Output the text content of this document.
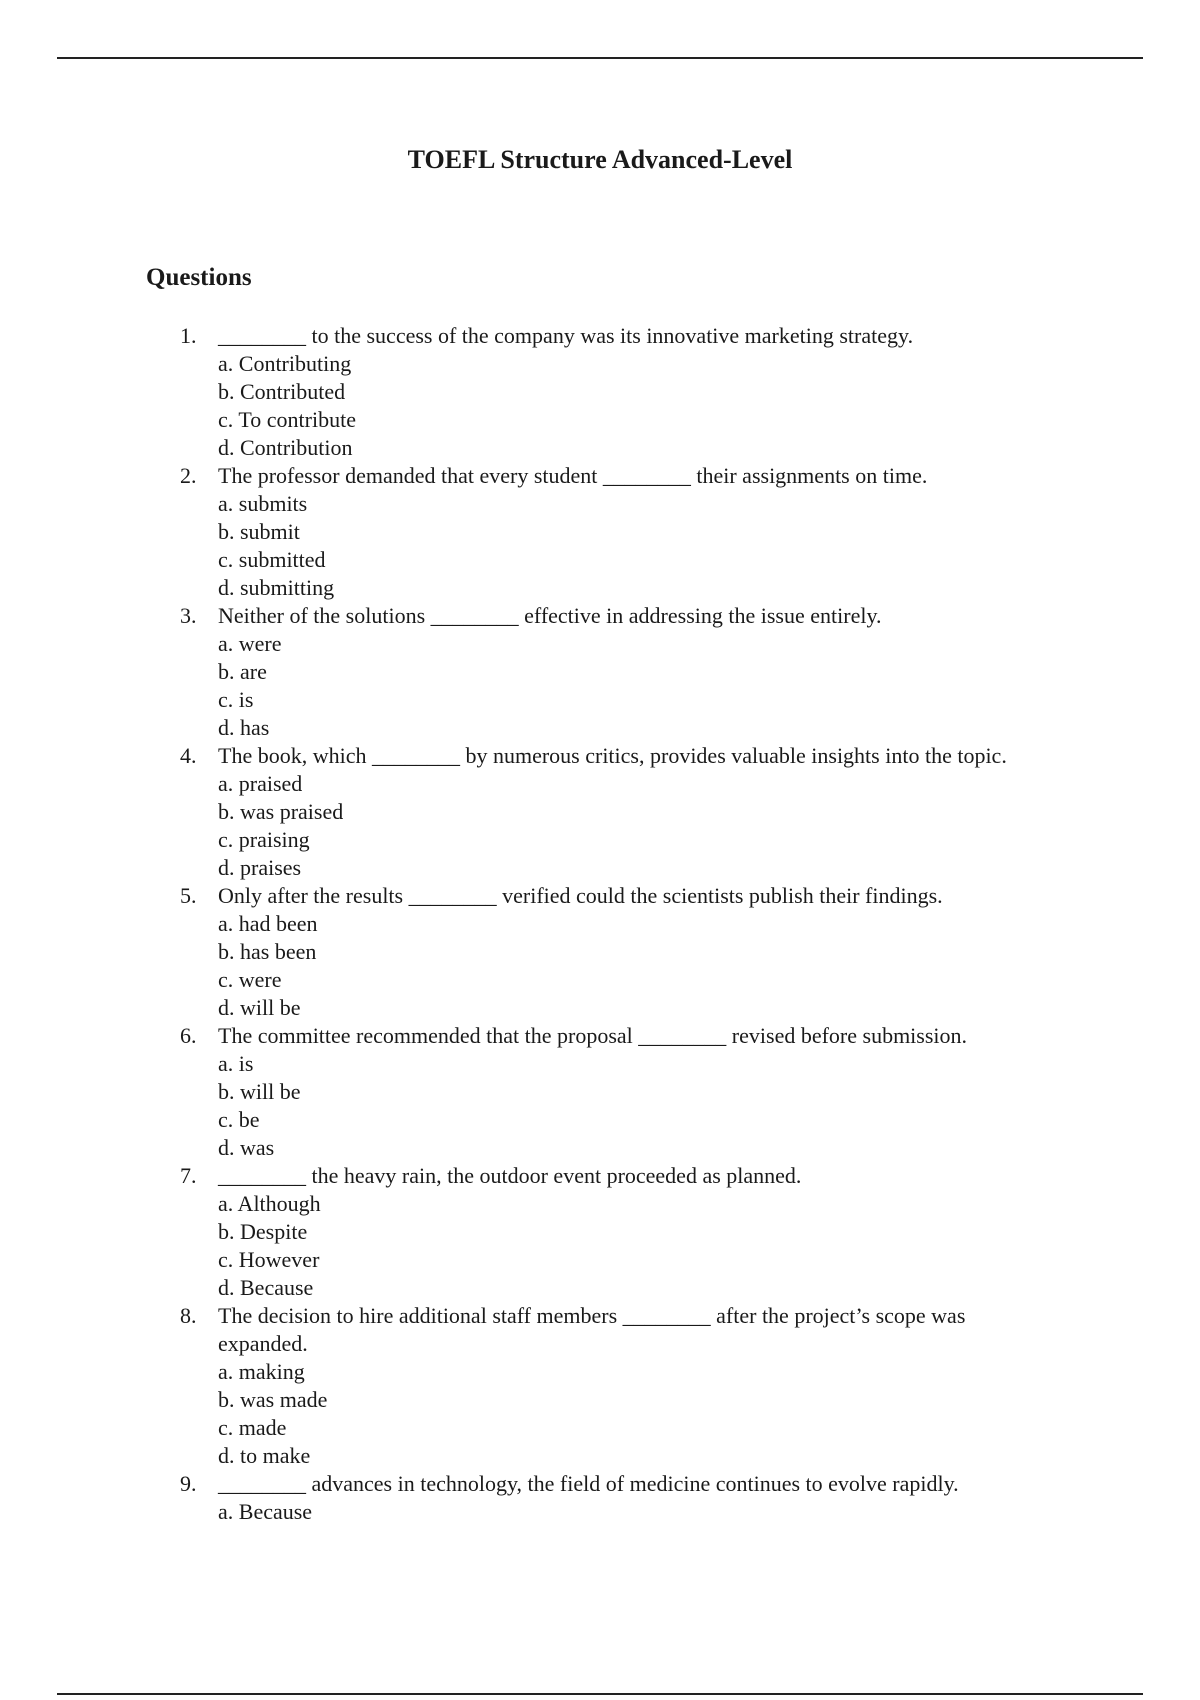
TOEFL Structure Advanced-Level
Questions
1. ________ to the success of the company was its innovative marketing strategy.
a. Contributing
b. Contributed
c. To contribute
d. Contribution
2. The professor demanded that every student ________ their assignments on time.
a. submits
b. submit
c. submitted
d. submitting
3. Neither of the solutions ________ effective in addressing the issue entirely.
a. were
b. are
c. is
d. has
4. The book, which ________ by numerous critics, provides valuable insights into the topic.
a. praised
b. was praised
c. praising
d. praises
5. Only after the results ________ verified could the scientists publish their findings.
a. had been
b. has been
c. were
d. will be
6. The committee recommended that the proposal ________ revised before submission.
a. is
b. will be
c. be
d. was
7. ________ the heavy rain, the outdoor event proceeded as planned.
a. Although
b. Despite
c. However
d. Because
8. The decision to hire additional staff members ________ after the project’s scope was expanded.
a. making
b. was made
c. made
d. to make
9. ________ advances in technology, the field of medicine continues to evolve rapidly.
a. Because
